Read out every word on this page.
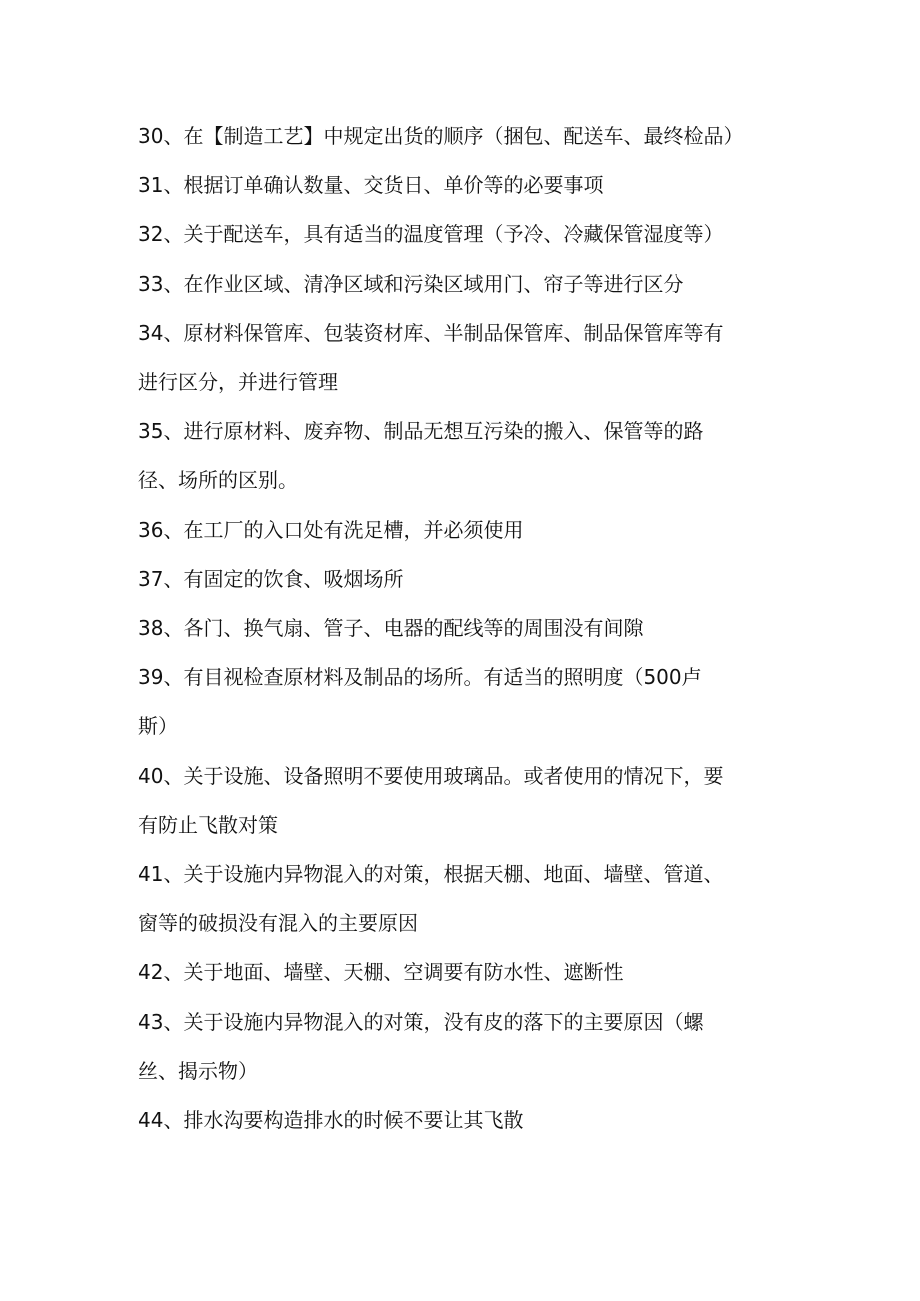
30、在【制造工艺】中规定出货的顺序（捆包、配送车、最终检品）

31、根据订单确认数量、交货日、单价等的必要事项

32、关于配送车，具有适当的温度管理（予冷、冷藏保管湿度等）

33、在作业区域、清净区域和污染区域用门、帘子等进行区分

34、原材料保管库、包装资材库、半制品保管库、制品保管库等有

进行区分，并进行管理

35、进行原材料、废弃物、制品无想互污染的搬入、保管等的路

径、场所的区别。

36、在工厂的入口处有洗足槽，并必须使用

37、有固定的饮食、吸烟场所

38、各门、换气扇、管子、电器的配线等的周围没有间隙

39、有目视检查原材料及制品的场所。有适当的照明度（500卢

斯）

40、关于设施、设备照明不要使用玻璃品。或者使用的情况下，要

有防止飞散对策

41、关于设施内异物混入的对策，根据天棚、地面、墙壁、管道、

窗等的破损没有混入的主要原因

42、关于地面、墙壁、天棚、空调要有防水性、遮断性

43、关于设施内异物混入的对策，没有皮的落下的主要原因（螺

丝、揭示物）

44、排水沟要构造排水的时候不要让其飞散
